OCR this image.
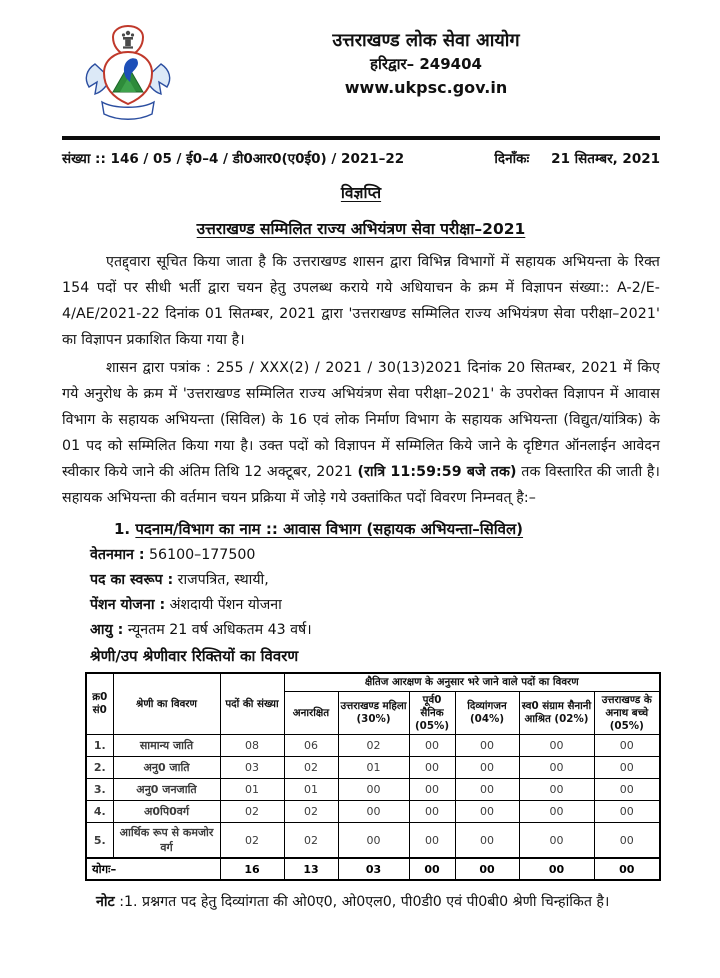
उत्तराखण्ड लोक सेवा आयोग
हरिद्वार– 249404
www.ukpsc.gov.in
संख्या :: 146 / 05 / ई0–4 / डी0आर0(ए0ई0) / 2021–22	दिनाँकः 21 सितम्बर, 2021
विज्ञप्ति
उत्तराखण्ड सम्मिलित राज्य अभियंत्रण सेवा परीक्षा–2021

एतद्द्वारा सूचित किया जाता है कि उत्तराखण्ड शासन द्वारा विभिन्न विभागों में सहायक अभियन्ता के रिक्त 154 पदों पर सीधी भर्ती द्वारा चयन हेतु उपलब्ध कराये गये अधियाचन के क्रम में विज्ञापन संख्या:: A-2/E-4/AE/2021-22 दिनांक 01 सितम्बर, 2021 द्वारा 'उत्तराखण्ड सम्मिलित राज्य अभियंत्रण सेवा परीक्षा–2021' का विज्ञापन प्रकाशित किया गया है।

शासन द्वारा पत्रांक : 255 / XXX(2) / 2021 / 30(13)2021 दिनांक 20 सितम्बर, 2021 में किए गये अनुरोध के क्रम में 'उत्तराखण्ड सम्मिलित राज्य अभियंत्रण सेवा परीक्षा–2021' के उपरोक्त विज्ञापन में आवास विभाग के सहायक अभियन्ता (सिविल) के 16 एवं लोक निर्माण विभाग के सहायक अभियन्ता (विद्युत/यांत्रिक) के 01 पद को सम्मिलित किया गया है। उक्त पदों को विज्ञापन में सम्मिलित किये जाने के दृष्टिगत ऑनलाईन आवेदन स्वीकार किये जाने की अंतिम तिथि 12 अक्टूबर, 2021 (रात्रि 11:59:59 बजे तक) तक विस्तारित की जाती है। सहायक अभियन्ता की वर्तमान चयन प्रक्रिया में जोड़े गये उक्तांकित पदों विवरण निम्नवत् है:–

1. पदनाम/विभाग का नाम :: आवास विभाग (सहायक अभियन्ता–सिविल)
वेतनमान : 56100–177500
पद का स्वरूप : राजपत्रित, स्थायी,
पेंशन योजना : अंशदायी पेंशन योजना
आयु : न्यूनतम 21 वर्ष अधिकतम 43 वर्ष।
श्रेणी/उप श्रेणीवार रिक्तियों का विवरण
क्र0 सं0	श्रेणी का विवरण	पदों की संख्या	क्षैतिज आरक्षण के अनुसार भरे जाने वाले पदों का विवरण					
			अनारक्षित	उत्तराखण्ड महिला (30%)	पूर्व0 सैनिक (05%)	दिव्यांगजन (04%)	स्व0 संग्राम सैनानी आश्रित (02%)	उत्तराखण्ड के अनाथ बच्चे (05%)
1.	सामान्य जाति	08	06	02	00	00	00	00
2.	अनु0 जाति	03	02	01	00	00	00	00
3.	अनु0 जनजाति	01	01	00	00	00	00	00
4.	अ0पि0वर्ग	02	02	00	00	00	00	00
5.	आर्थिक रूप से कमजोर वर्ग	02	02	00	00	00	00	00
योगः–		16	13	03	00	00	00	00

नोट :1. प्रश्नगत पद हेतु दिव्यांगता की ओ0ए0, ओ0एल0, पी0डी0 एवं पी0बी0 श्रेणी चिन्हांकित है।
